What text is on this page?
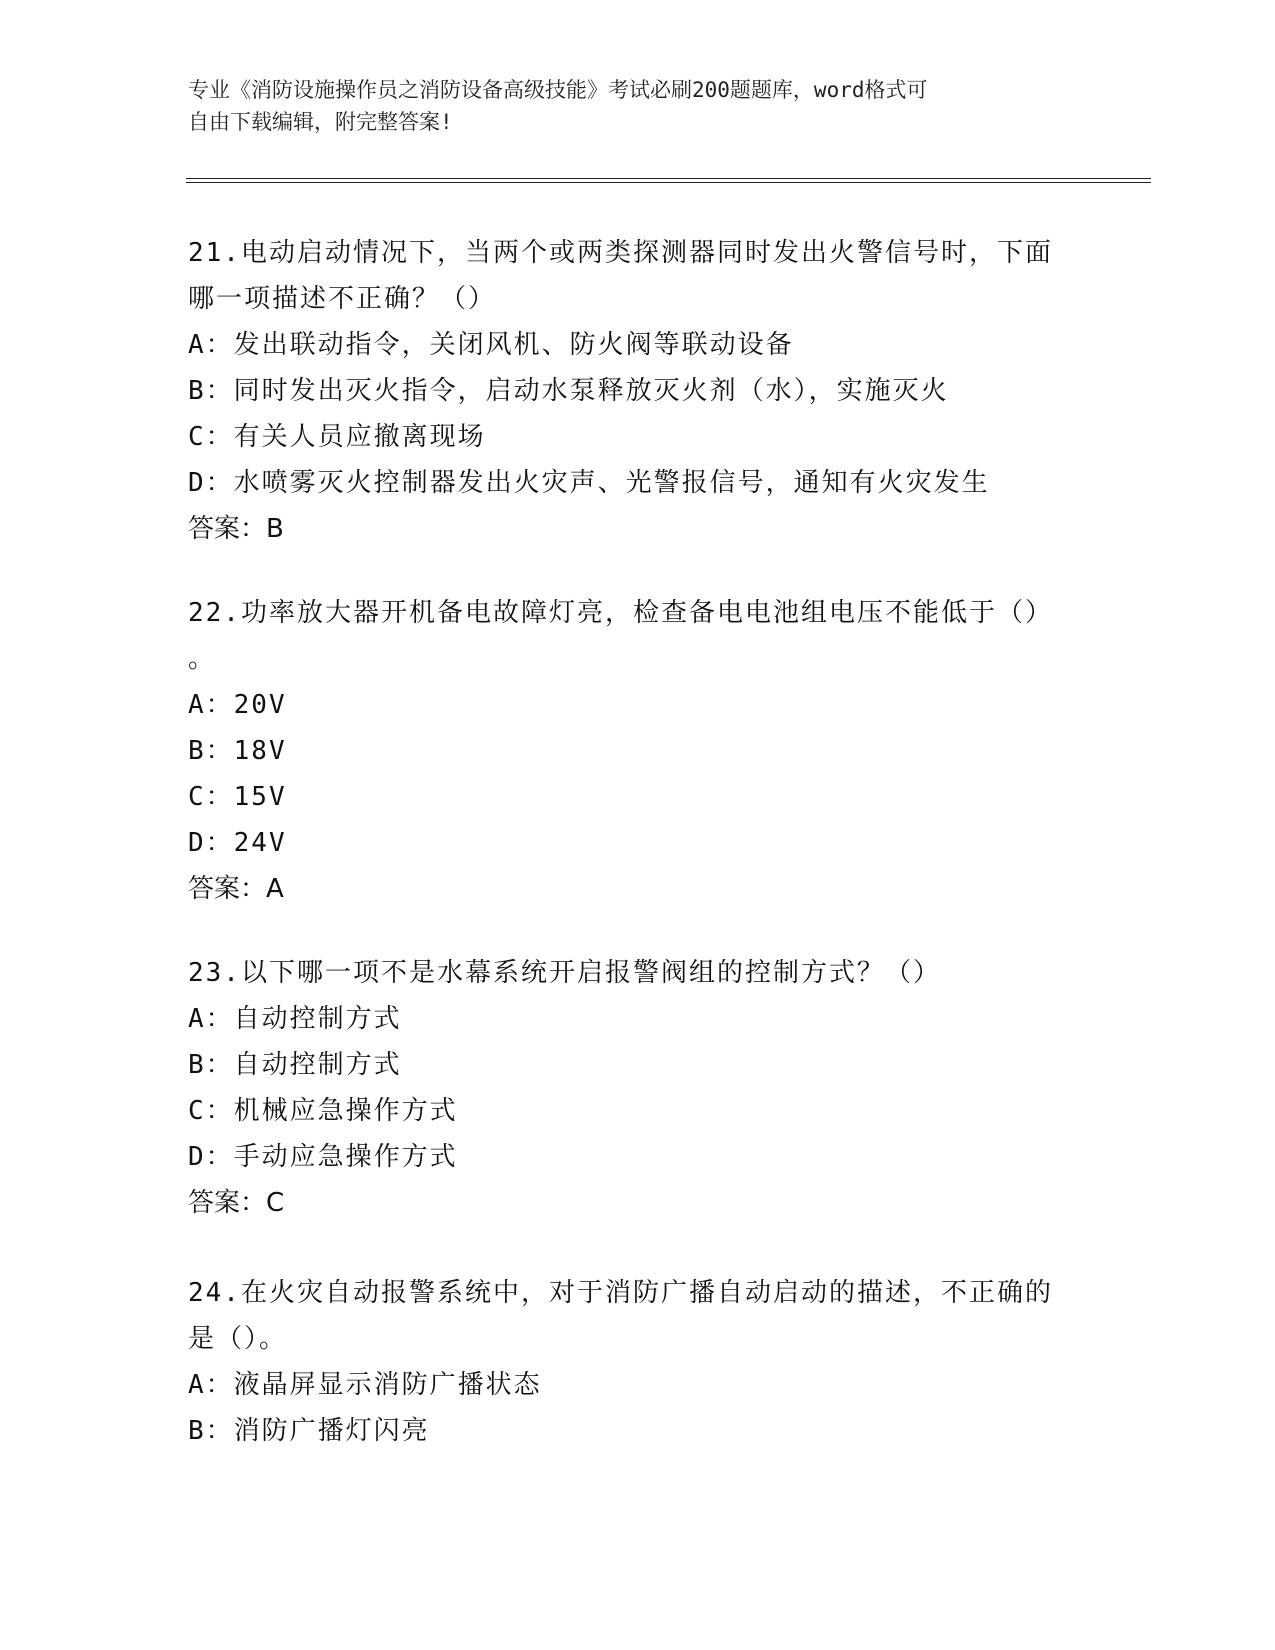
专业《消防设施操作员之消防设备高级技能》考试必刷200题题库，word格式可
自由下载编辑，附完整答案!
21.电动启动情况下，当两个或两类探测器同时发出火警信号时，下面
哪一项描述不正确？（）
A：发出联动指令，关闭风机、防火阀等联动设备
B：同时发出灭火指令，启动水泵释放灭火剂（水），实施灭火
C：有关人员应撤离现场
D：水喷雾灭火控制器发出火灾声、光警报信号，通知有火灾发生
答案：B
22.功率放大器开机备电故障灯亮，检查备电电池组电压不能低于（）
。
A：20V
B：18V
C：15V
D：24V
答案：A
23.以下哪一项不是水幕系统开启报警阀组的控制方式？（）
A：自动控制方式
B：自动控制方式
C：机械应急操作方式
D：手动应急操作方式
答案：C
24.在火灾自动报警系统中，对于消防广播自动启动的描述，不正确的
是（）。
A：液晶屏显示消防广播状态
B：消防广播灯闪亮
